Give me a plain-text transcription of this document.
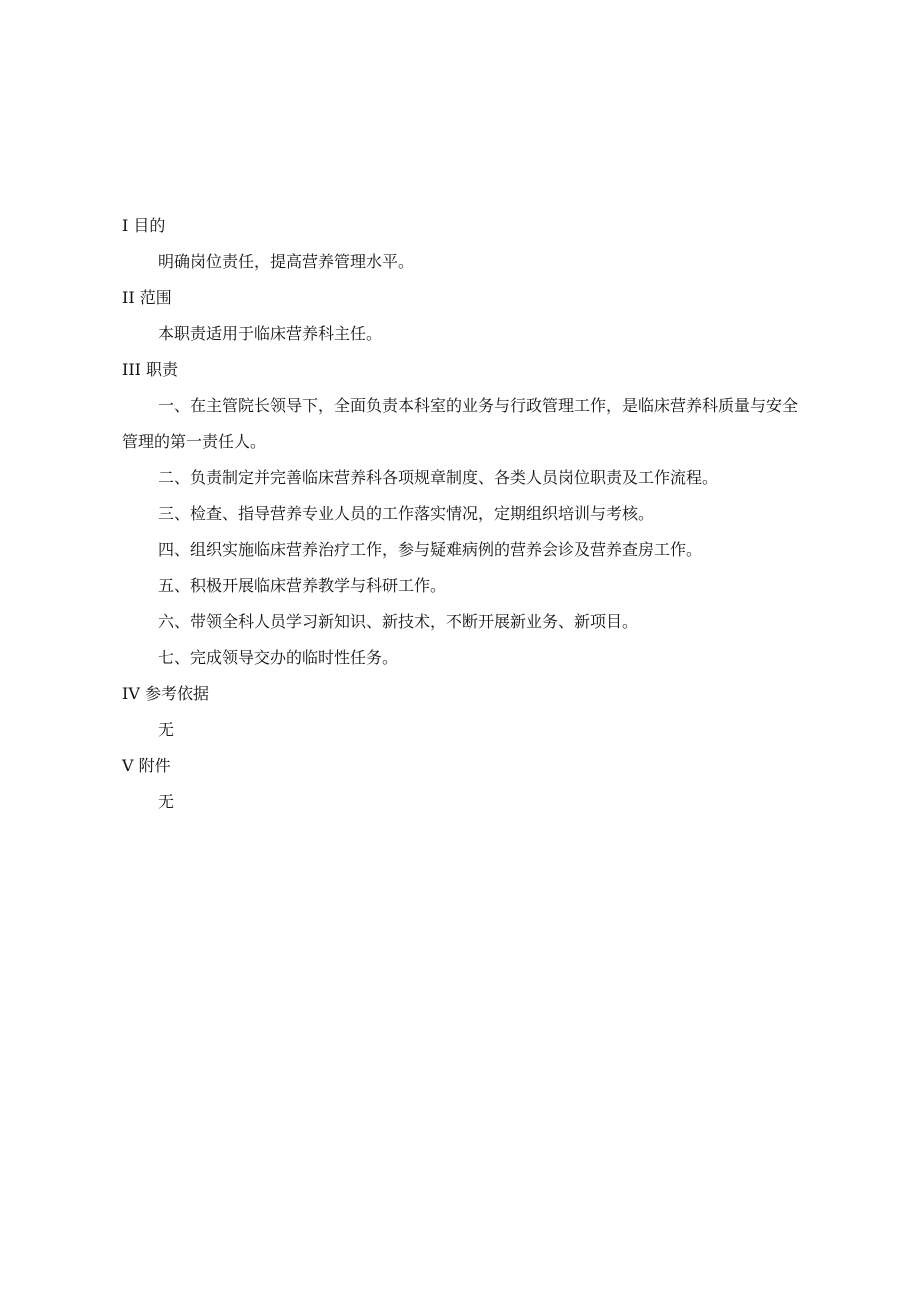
I 目的
明确岗位责任，提高营养管理水平。
II 范围
本职责适用于临床营养科主任。
III 职责
一、在主管院长领导下，全面负责本科室的业务与行政管理工作，是临床营养科质量与安全管理的第一责任人。
二、负责制定并完善临床营养科各项规章制度、各类人员岗位职责及工作流程。
三、检查、指导营养专业人员的工作落实情况，定期组织培训与考核。
四、组织实施临床营养治疗工作，参与疑难病例的营养会诊及营养查房工作。
五、积极开展临床营养教学与科研工作。
六、带领全科人员学习新知识、新技术，不断开展新业务、新项目。
七、完成领导交办的临时性任务。
IV 参考依据
无
V 附件
无
